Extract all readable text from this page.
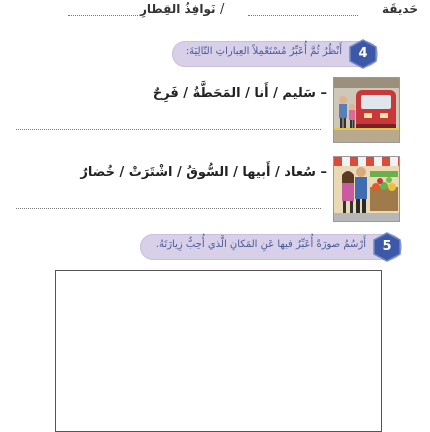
حَديقَة
/
نَوافِذُ القِطارِ
أَنْظُرُ ثُمَّ أُعَبِّرُ مُسْتَعْمِلاً العِباراتِ التّالِيَةَ:	4
– سَليم / أَنا / المَحَطَّةُ / فَرِحٌ
– سُعاد / أَبيها / السُّوقُ / اشْتَرَتْ / خُضارٌ
أَرْسُمُ صورَةً أُعَبِّرُ فيها عَنِ المَكانِ الَّذي أُحِبُّ زِيارَتَهُ.	5
